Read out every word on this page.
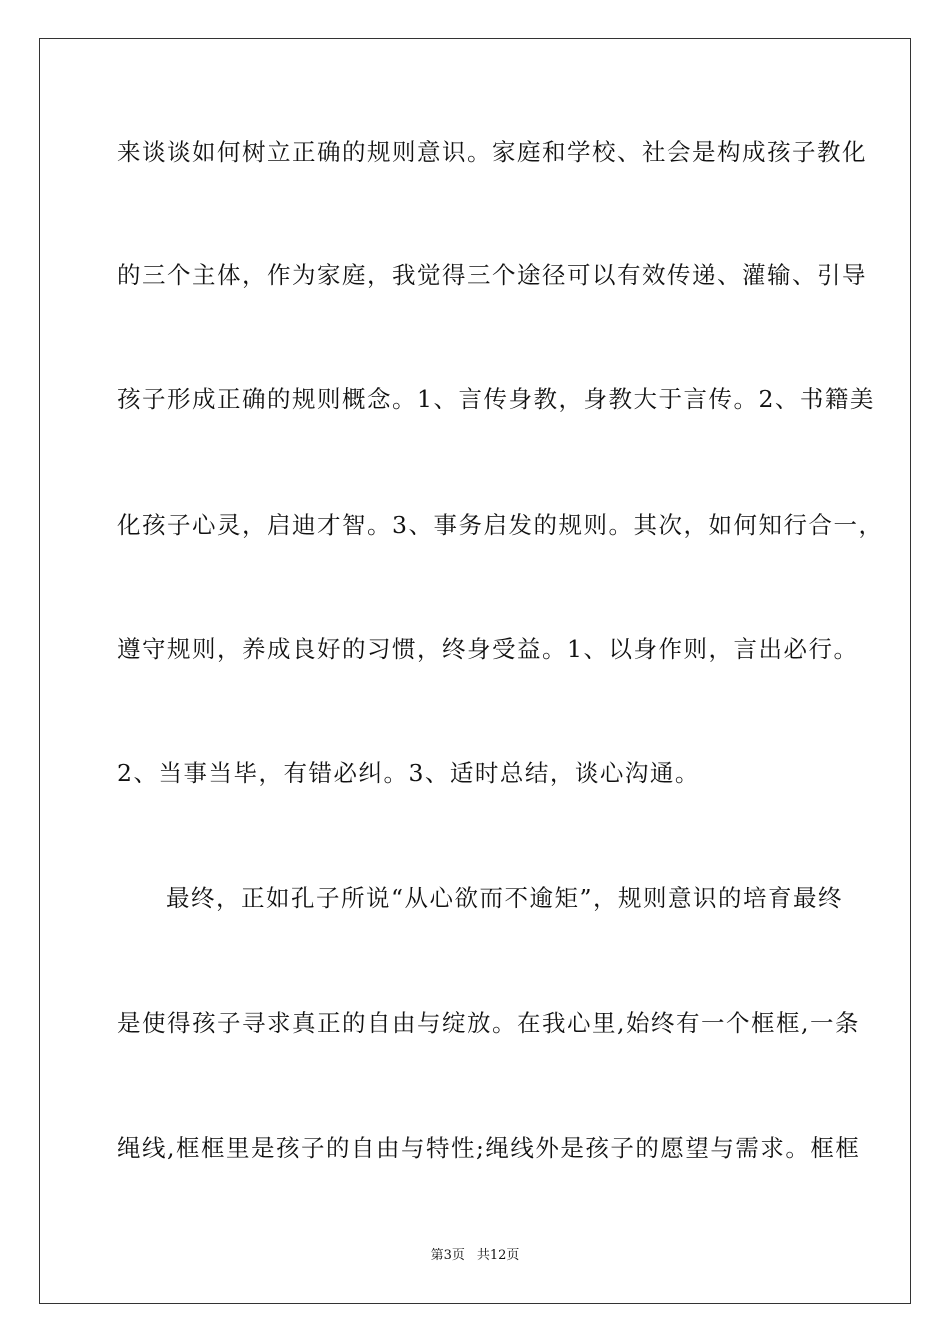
来谈谈如何树立正确的规则意识。家庭和学校、社会是构成孩子教化
的三个主体，作为家庭，我觉得三个途径可以有效传递、灌输、引导
孩子形成正确的规则概念。1、言传身教，身教大于言传。2、书籍美
化孩子心灵，启迪才智。3、事务启发的规则。其次，如何知行合一，
遵守规则，养成良好的习惯，终身受益。1、以身作则，言出必行。
2、当事当毕，有错必纠。3、适时总结，谈心沟通。
最终，正如孔子所说“从心欲而不逾矩”，规则意识的培育最终
是使得孩子寻求真正的自由与绽放。在我心里,始终有一个框框,一条
绳线,框框里是孩子的自由与特性;绳线外是孩子的愿望与需求。框框
第3页 共12页
